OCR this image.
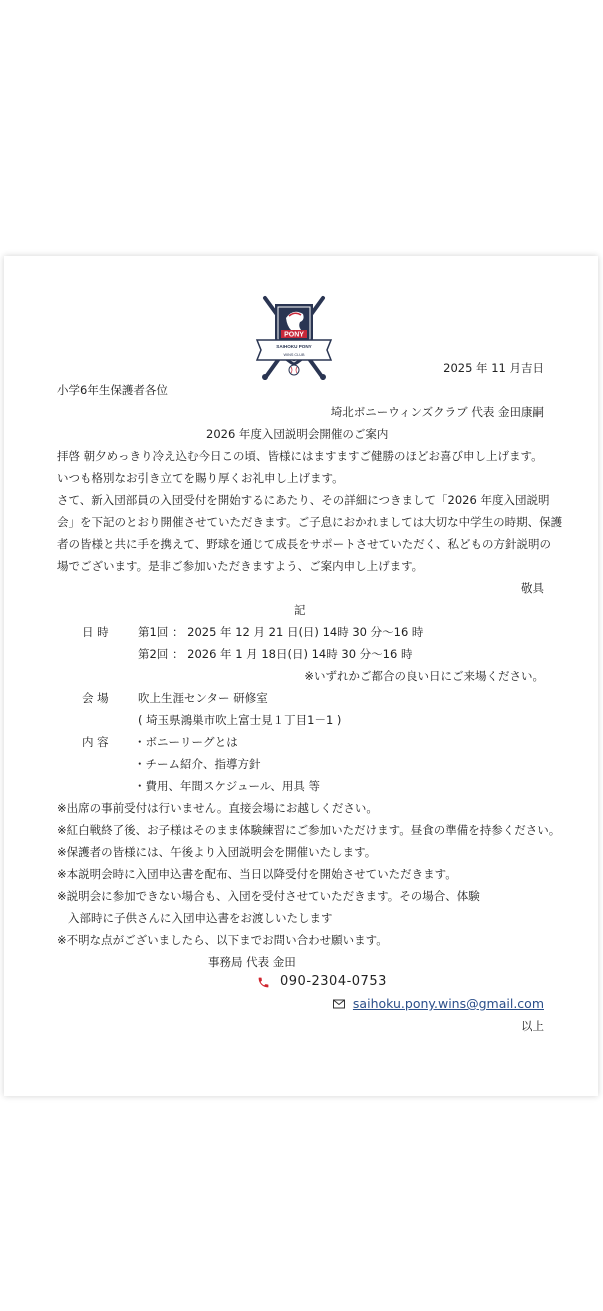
PONY
SAIHOKU PONY
WINS CLUB
2025 年 11 月吉日
小学6年生保護者各位
埼北ボニーウィンズクラブ 代表 金田康嗣
2026 年度入団説明会開催のご案内
拝啓 朝夕めっきり冷え込む今日この頃、皆様にはますますご健勝のほどお喜び申し上げます。
いつも格別なお引き立てを賜り厚くお礼申し上げます。
さて、新入団部員の入団受付を開始するにあたり、その詳細につきまして「2026 年度入団説明
会」を下記のとおり開催させていただきます。ご子息におかれましては大切な中学生の時期、保護
者の皆様と共に手を携えて、野球を通じて成長をサポートさせていただく、私どもの方針説明の
場でございます。是非ご参加いただきますよう、ご案内申し上げます。
敬具
記
日 時	第1回 ： 2025 年 12 月 21 日(日) 14時 30 分～16 時
第2回 ： 2026 年 1 月 18日(日) 14時 30 分～16 時
※いずれかご都合の良い日にご来場ください。
会 場	吹上生涯センター 研修室
( 埼玉県鴻巣市吹上富士見１丁目1－1 )
内 容 ・ボニーリーグとは
・チーム紹介、指導方針
・費用、年間スケジュール、用具 等
※出席の事前受付は行いません。直接会場にお越しください。
※紅白戦終了後、お子様はそのまま体験練習にご参加いただけます。昼食の準備を持参ください。
※保護者の皆様には、午後より入団説明会を開催いたします。
※本説明会時に入団申込書を配布、当日以降受付を開始させていただきます。
※説明会に参加できない場合も、入団を受付させていただきます。その場合、体験
入部時に子供さんに入団申込書をお渡しいたします
※不明な点がございましたら、以下までお問い合わせ願います。
事務局 代表 金田
090-2304-0753
saihoku.pony.wins@gmail.com
以上
